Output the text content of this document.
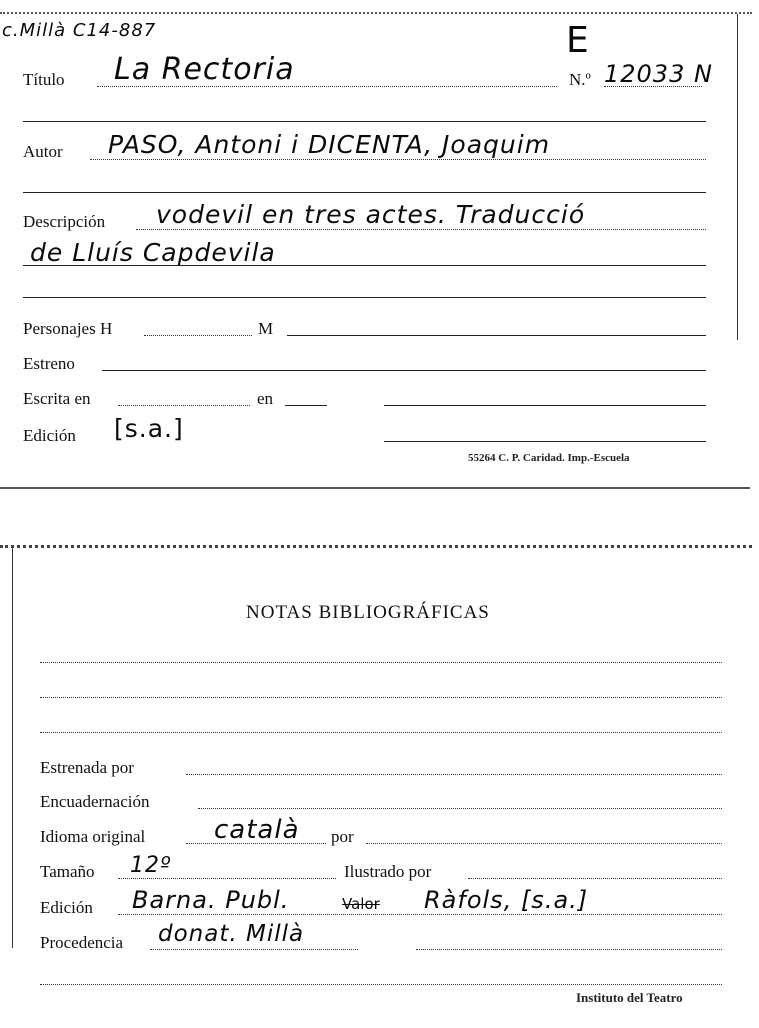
c.Millà C14-887	E
Título La Rectoria	N.º 12033 N
Autor PASO, Antoni i DICENTA, Joaquim
Descripción vodevil en tres actes. Traducció
de Lluís Capdevila
Personajes H	M
Estreno
Escrita en	en
Edición [s.a.]
55264 C. P. Caridad. Imp.-Escuela
NOTAS BIBLIOGRÁFICAS
Estrenada por
Encuadernación
Idioma original	català por
Tamaño 12º	Ilustrado por
Edición Barna. Publ.	Valor Ràfols, [s.a.]
Procedencia donat. Millà
Instituto del Teatro
